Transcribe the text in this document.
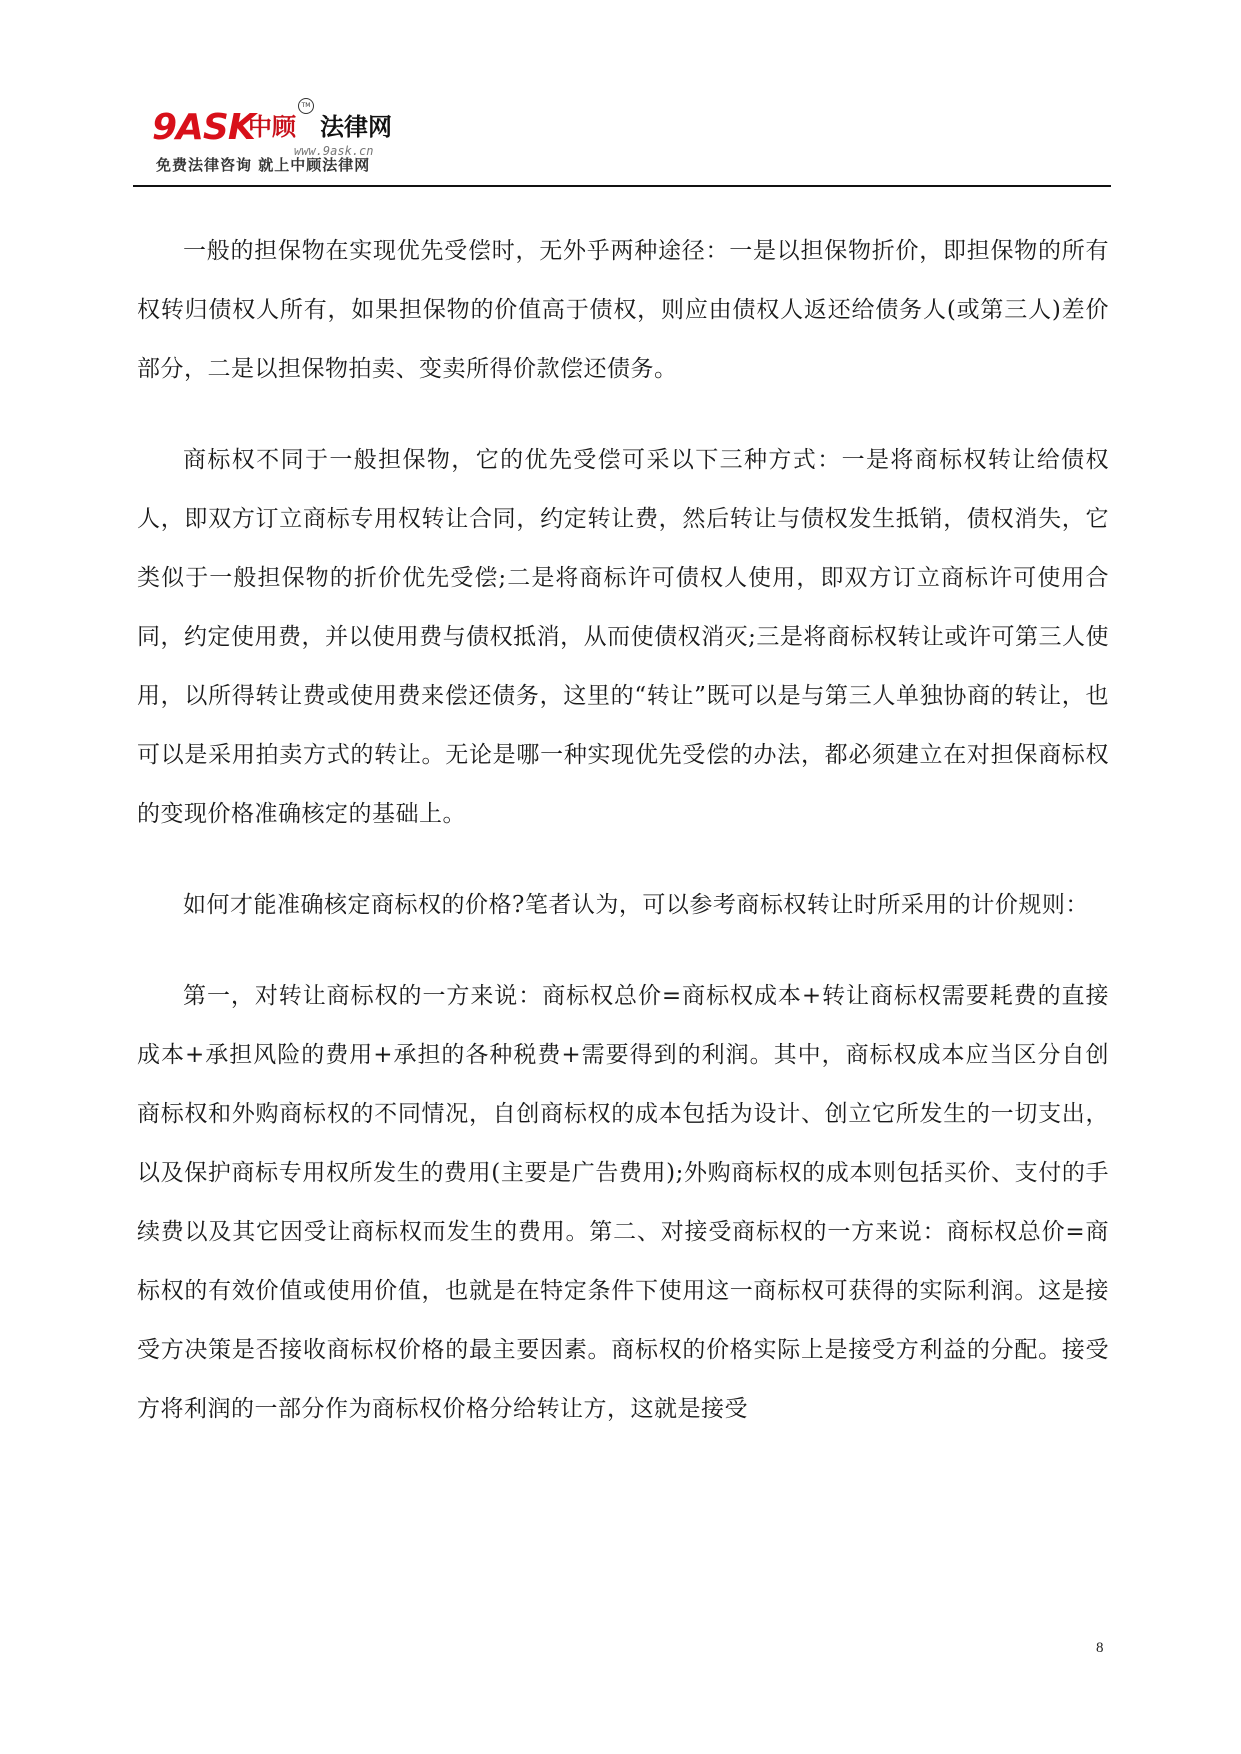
9ASK
中顾
TM
法律网
www.9ask.cn
免费法律咨询 就上中顾法律网

一般的担保物在实现优先受偿时，无外乎两种途径：一是以担保物折价，即担保物的所有权转归债权人所有，如果担保物的价值高于债权，则应由债权人返还给债务人(或第三人)差价部分，二是以担保物拍卖、变卖所得价款偿还债务。

商标权不同于一般担保物，它的优先受偿可采以下三种方式：一是将商标权转让给债权人，即双方订立商标专用权转让合同，约定转让费，然后转让与债权发生抵销，债权消失，它类似于一般担保物的折价优先受偿;二是将商标许可债权人使用，即双方订立商标许可使用合同，约定使用费，并以使用费与债权抵消，从而使债权消灭;三是将商标权转让或许可第三人使用，以所得转让费或使用费来偿还债务，这里的“转让”既可以是与第三人单独协商的转让，也可以是采用拍卖方式的转让。无论是哪一种实现优先受偿的办法，都必须建立在对担保商标权的变现价格准确核定的基础上。

如何才能准确核定商标权的价格?笔者认为，可以参考商标权转让时所采用的计价规则：

第一，对转让商标权的一方来说：商标权总价=商标权成本+转让商标权需要耗费的直接成本+承担风险的费用+承担的各种税费+需要得到的利润。其中，商标权成本应当区分自创商标权和外购商标权的不同情况，自创商标权的成本包括为设计、创立它所发生的一切支出，以及保护商标专用权所发生的费用(主要是广告费用);外购商标权的成本则包括买价、支付的手续费以及其它因受让商标权而发生的费用。第二、对接受商标权的一方来说：商标权总价=商标权的有效价值或使用价值，也就是在特定条件下使用这一商标权可获得的实际利润。这是接受方决策是否接收商标权价格的最主要因素。商标权的价格实际上是接受方利益的分配。接受方将利润的一部分作为商标权价格分给转让方，这就是接受

8
